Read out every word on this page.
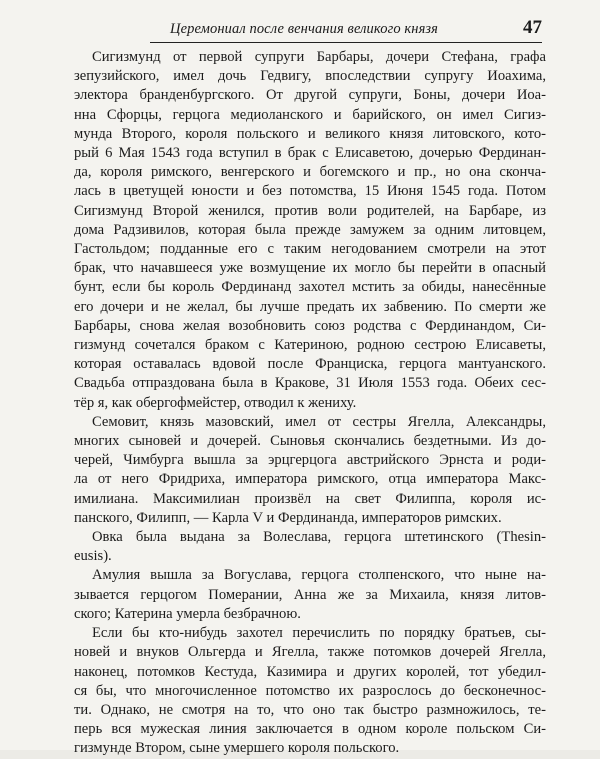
Церемониал после венчания великого князя	47
Сигизмунд от первой супруги Барбары, дочери Стефана, графа
зепузийского, имел дочь Гедвигу, впоследствии супругу Иоахима,
электора бранденбургского. От другой супруги, Боны, дочери Иоа-
нна Сфорцы, герцога медиоланского и барийского, он имел Сигиз-
мунда Второго, короля польского и великого князя литовского, кото-
рый 6 Мая 1543 года вступил в брак с Елисаветою, дочерью Фердинан-
да, короля римского, венгерского и богемского и пр., но она скончa-
лась в цветущей юности и без потомства, 15 Июня 1545 года. Потом
Сигизмунд Второй женился, против воли родителей, на Барбаре, из
дома Радзивилов, которая была прежде замужем за одним литовцем,
Гастольдом; подданные его с таким негодованием смотрели на этот
брак, что начавшееся уже возмущение их могло бы перейти в опасный
бунт, если бы король Фердинанд захотел мстить за обиды, нанесённые
его дочери и не желал, бы лучше предать их забвению. По смерти же
Барбары, снова желая возобновить союз родства с Фердинандом, Си-
гизмунд сочетался браком с Катериною, родною сестрою Елисаветы,
которая оставалась вдовой после Франциска, герцога мантуанского.
Свадьба отпраздована была в Кракове, 31 Июля 1553 года. Обеих сес-
тёр я, как обергофмейстер, отводил к жениху.
Семовит, князь мазовский, имел от сестры Ягелла, Александры,
многих сыновей и дочерей. Сыновья скончались бездетными. Из до-
черей, Чимбурга вышла за эрцгерцога австрийского Эрнста и роди-
ла от него Фридриха, императора римского, отца императора Макс-
имилиана. Максимилиан произвёл на свет Филиппа, короля ис-
панского, Филипп, — Карла V и Фердинанда, императоров римских.
Овка была выдана за Волеслава, герцога штетинского (Thesin-
eusis).
Амулия вышла за Вогуслава, герцога столпенского, что ныне на-
зывается герцогом Померании, Анна же за Михаила, князя литов-
ского; Катерина умерла безбрачною.
Если бы кто-нибудь захотел перечислить по порядку братьев, сы-
новей и внуков Ольгерда и Ягелла, также потомков дочерей Ягелла,
наконец, потомков Кестуда, Казимира и других королей, тот убедил-
ся бы, что многочисленное потомство их разрослось до бесконечнос-
ти. Однако, не смотря на то, что оно так быстро размножилось, те-
перь вся мужеская линия заключается в одном короле польском Си-
гизмунде Втором, сыне умершего короля польского.
